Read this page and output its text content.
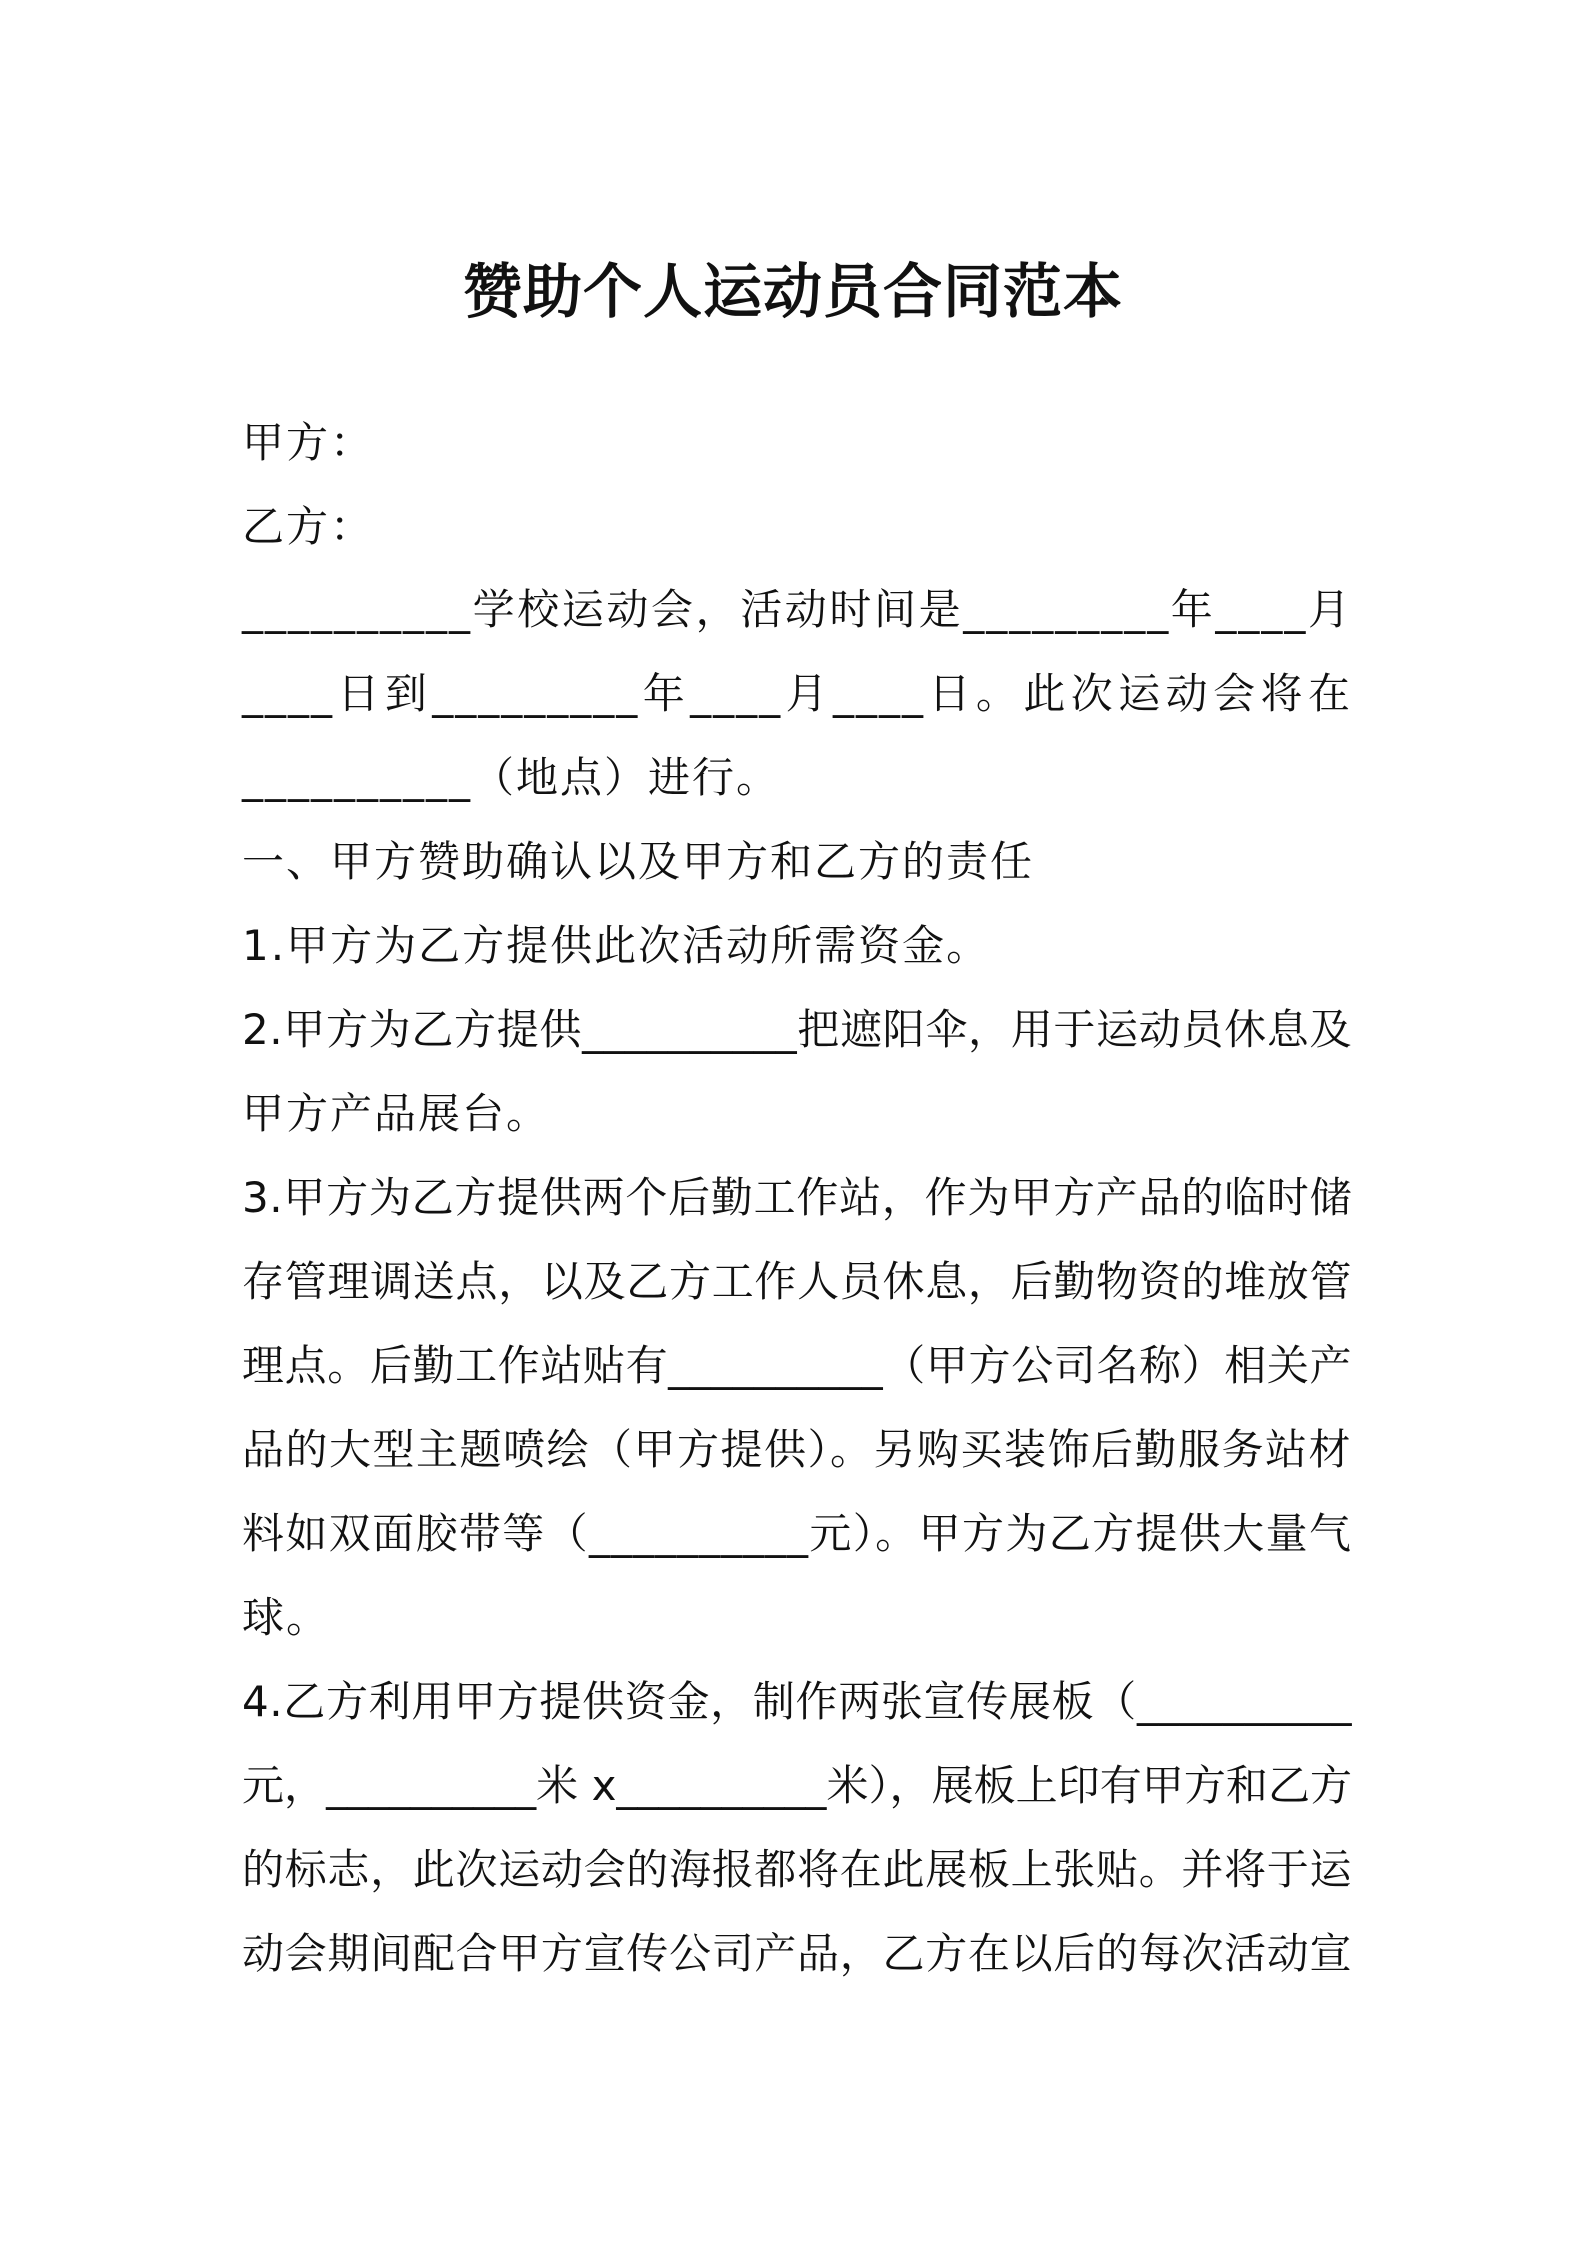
赞助个人运动员合同范本

甲方：

乙方：

__________学校运动会，活动时间是_________年____月

____日到_________年____月____日。此次运动会将在

__________（地点）进行。

一、甲方赞助确认以及甲方和乙方的责任

1.甲方为乙方提供此次活动所需资金。

2.甲方为乙方提供__________把遮阳伞，用于运动员休息及

甲方产品展台。

3.甲方为乙方提供两个后勤工作站，作为甲方产品的临时储

存管理调送点，以及乙方工作人员休息，后勤物资的堆放管

理点。后勤工作站贴有__________（甲方公司名称）相关产

品的大型主题喷绘（甲方提供）。另购买装饰后勤服务站材

料如双面胶带等（__________元）。甲方为乙方提供大量气

球。

4.乙方利用甲方提供资金，制作两张宣传展板（__________

元，__________米 x__________米），展板上印有甲方和乙方

的标志，此次运动会的海报都将在此展板上张贴。并将于运

动会期间配合甲方宣传公司产品，乙方在以后的每次活动宣
